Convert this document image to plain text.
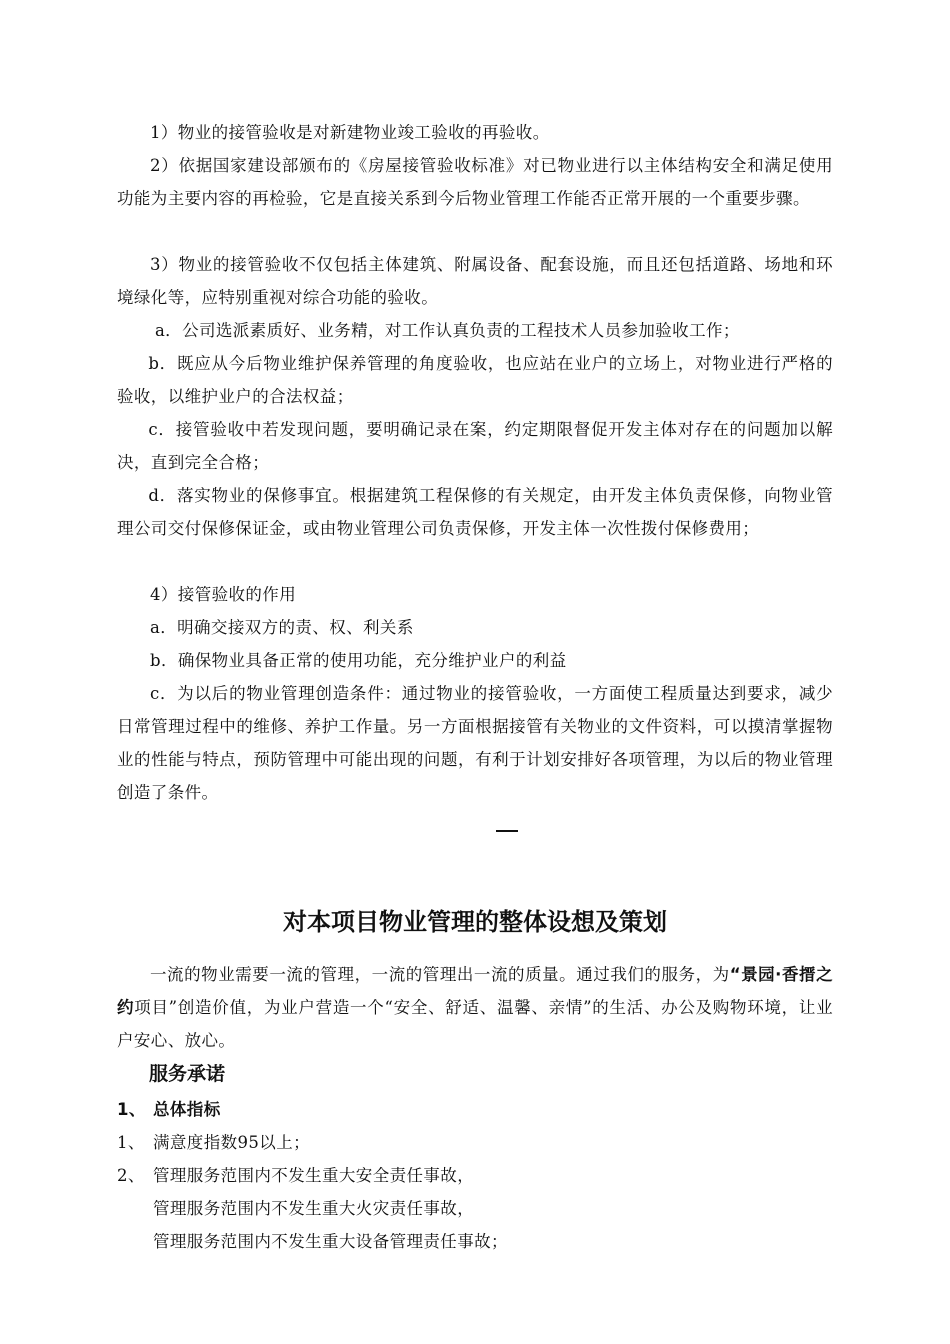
1）物业的接管验收是对新建物业竣工验收的再验收。

2）依据国家建设部颁布的《房屋接管验收标准》对已物业进行以主体结构安全和满足使用功能为主要内容的再检验，它是直接关系到今后物业管理工作能否正常开展的一个重要步骤。

3）物业的接管验收不仅包括主体建筑、附属设备、配套设施，而且还包括道路、场地和环境绿化等，应特别重视对综合功能的验收。

a．公司选派素质好、业务精，对工作认真负责的工程技术人员参加验收工作；

b．既应从今后物业维护保养管理的角度验收，也应站在业户的立场上，对物业进行严格的验收，以维护业户的合法权益；

c．接管验收中若发现问题，要明确记录在案，约定期限督促开发主体对存在的问题加以解决，直到完全合格；

d．落实物业的保修事宜。根据建筑工程保修的有关规定，由开发主体负责保修，向物业管理公司交付保修保证金，或由物业管理公司负责保修，开发主体一次性拨付保修费用；

4）接管验收的作用

a．明确交接双方的责、权、利关系

b．确保物业具备正常的使用功能，充分维护业户的利益

c．为以后的物业管理创造条件：通过物业的接管验收，一方面使工程质量达到要求，减少日常管理过程中的维修、养护工作量。另一方面根据接管有关物业的文件资料，可以摸清掌握物业的性能与特点，预防管理中可能出现的问题，有利于计划安排好各项管理，为以后的物业管理创造了条件。

对本项目物业管理的整体设想及策划

一流的物业需要一流的管理，一流的管理出一流的质量。通过我们的服务，为“景园·香搢之约项目”创造价值，为业户营造一个“安全、舒适、温馨、亲情”的生活、办公及购物环境，让业户安心、放心。

服务承诺

1、 总体指标

1、 满意度指数95以上；

2、 管理服务范围内不发生重大安全责任事故，

管理服务范围内不发生重大火灾责任事故，

管理服务范围内不发生重大设备管理责任事故；
